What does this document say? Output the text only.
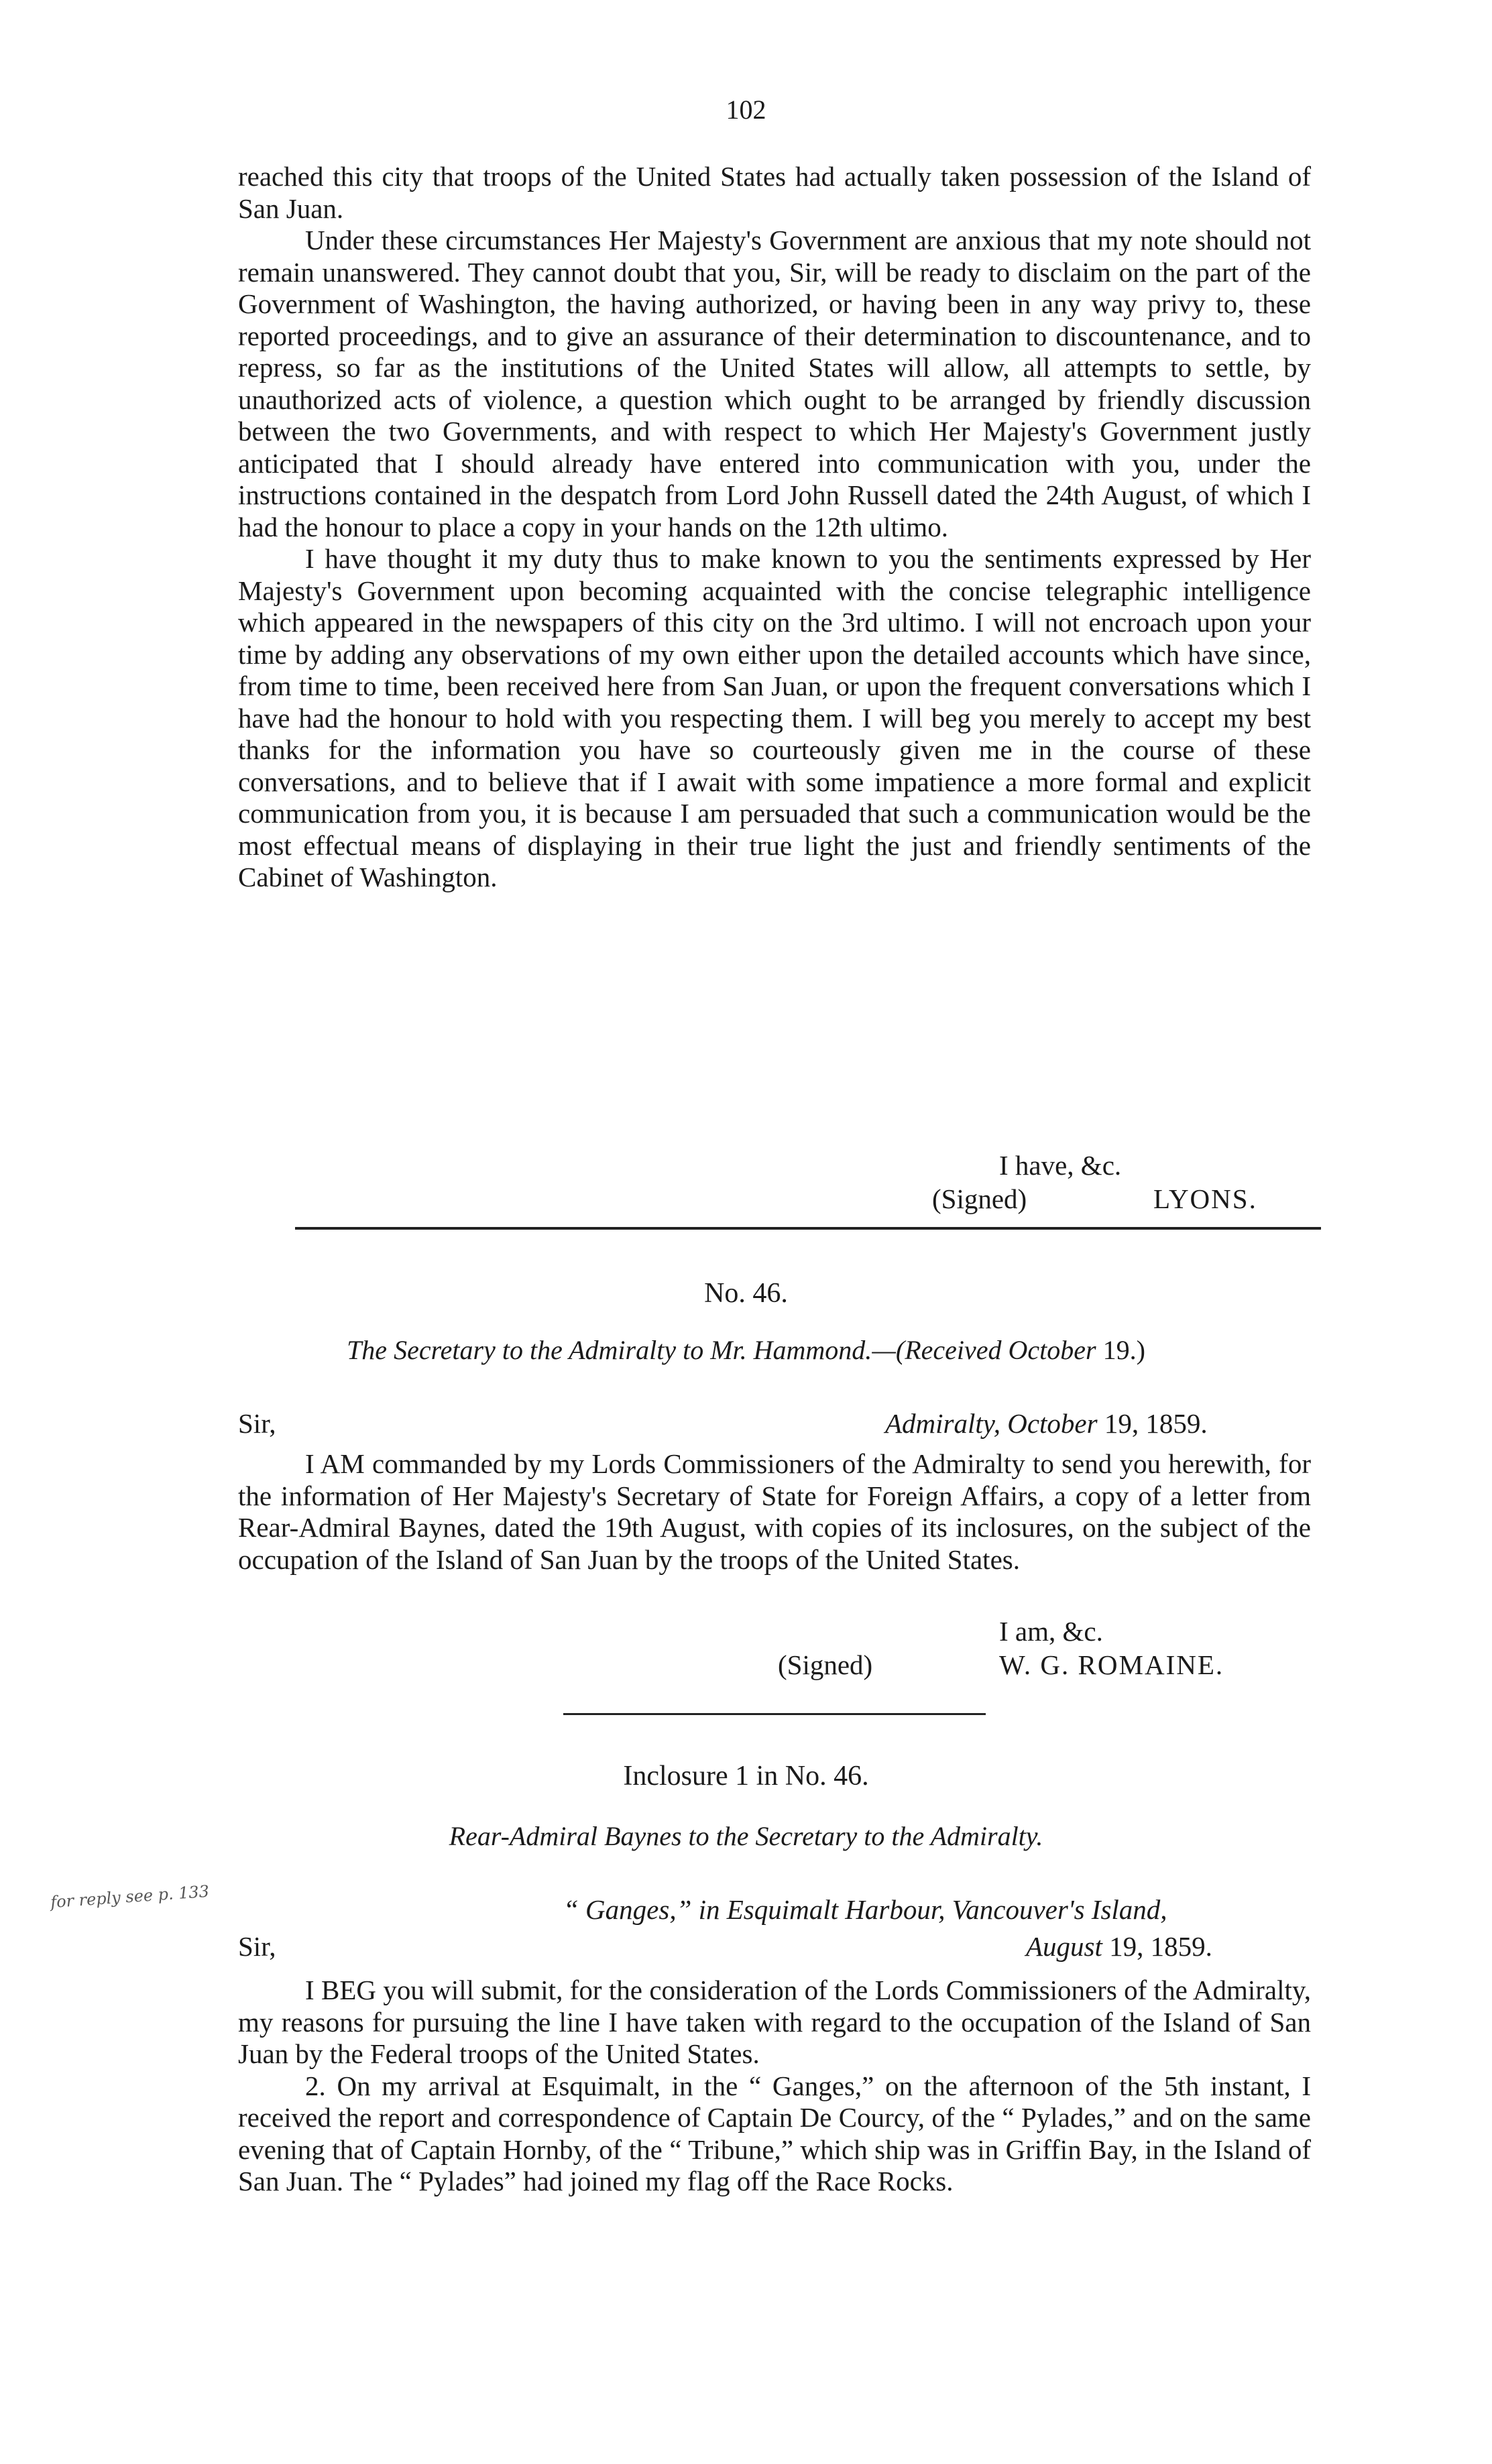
102

reached this city that troops of the United States had actually taken possession of the Island of San Juan.

Under these circumstances Her Majesty's Government are anxious that my note should not remain unanswered. They cannot doubt that you, Sir, will be ready to disclaim on the part of the Government of Washington, the having authorized, or having been in any way privy to, these reported proceedings, and to give an assurance of their determination to discountenance, and to repress, so far as the institutions of the United States will allow, all attempts to settle, by unauthorized acts of violence, a question which ought to be arranged by friendly discussion between the two Governments, and with respect to which Her Majesty's Government justly anticipated that I should already have entered into communication with you, under the instructions contained in the despatch from Lord John Russell dated the 24th August, of which I had the honour to place a copy in your hands on the 12th ultimo.

I have thought it my duty thus to make known to you the sentiments expressed by Her Majesty's Government upon becoming acquainted with the concise telegraphic intelligence which appeared in the newspapers of this city on the 3rd ultimo. I will not encroach upon your time by adding any observations of my own either upon the detailed accounts which have since, from time to time, been received here from San Juan, or upon the frequent conversations which I have had the honour to hold with you respecting them. I will beg you merely to accept my best thanks for the information you have so courteously given me in the course of these conversations, and to believe that if I await with some impatience a more formal and explicit communication from you, it is because I am persuaded that such a communication would be the most effectual means of displaying in their true light the just and friendly sentiments of the Cabinet of Washington.

I have, &c.
(Signed)	LYONS.
No. 46.
The Secretary to the Admiralty to Mr. Hammond.—(Received October 19.)
Sir,	Admiralty, October 19, 1859.

I AM commanded by my Lords Commissioners of the Admiralty to send you herewith, for the information of Her Majesty's Secretary of State for Foreign Affairs, a copy of a letter from Rear-Admiral Baynes, dated the 19th August, with copies of its inclosures, on the subject of the occupation of the Island of San Juan by the troops of the United States.

I am, &c.
(Signed)	W. G. ROMAINE.
Inclosure 1 in No. 46.
Rear-Admiral Baynes to the Secretary to the Admiralty.
for reply see p. 133	“ Ganges,” in Esquimalt Harbour, Vancouver's Island,
Sir,	August 19, 1859.

I BEG you will submit, for the consideration of the Lords Commissioners of the Admiralty, my reasons for pursuing the line I have taken with regard to the occupation of the Island of San Juan by the Federal troops of the United States.

2. On my arrival at Esquimalt, in the “ Ganges,” on the afternoon of the 5th instant, I received the report and correspondence of Captain De Courcy, of the “ Pylades,” and on the same evening that of Captain Hornby, of the “ Tribune,” which ship was in Griffin Bay, in the Island of San Juan. The “ Pylades” had joined my flag off the Race Rocks.
